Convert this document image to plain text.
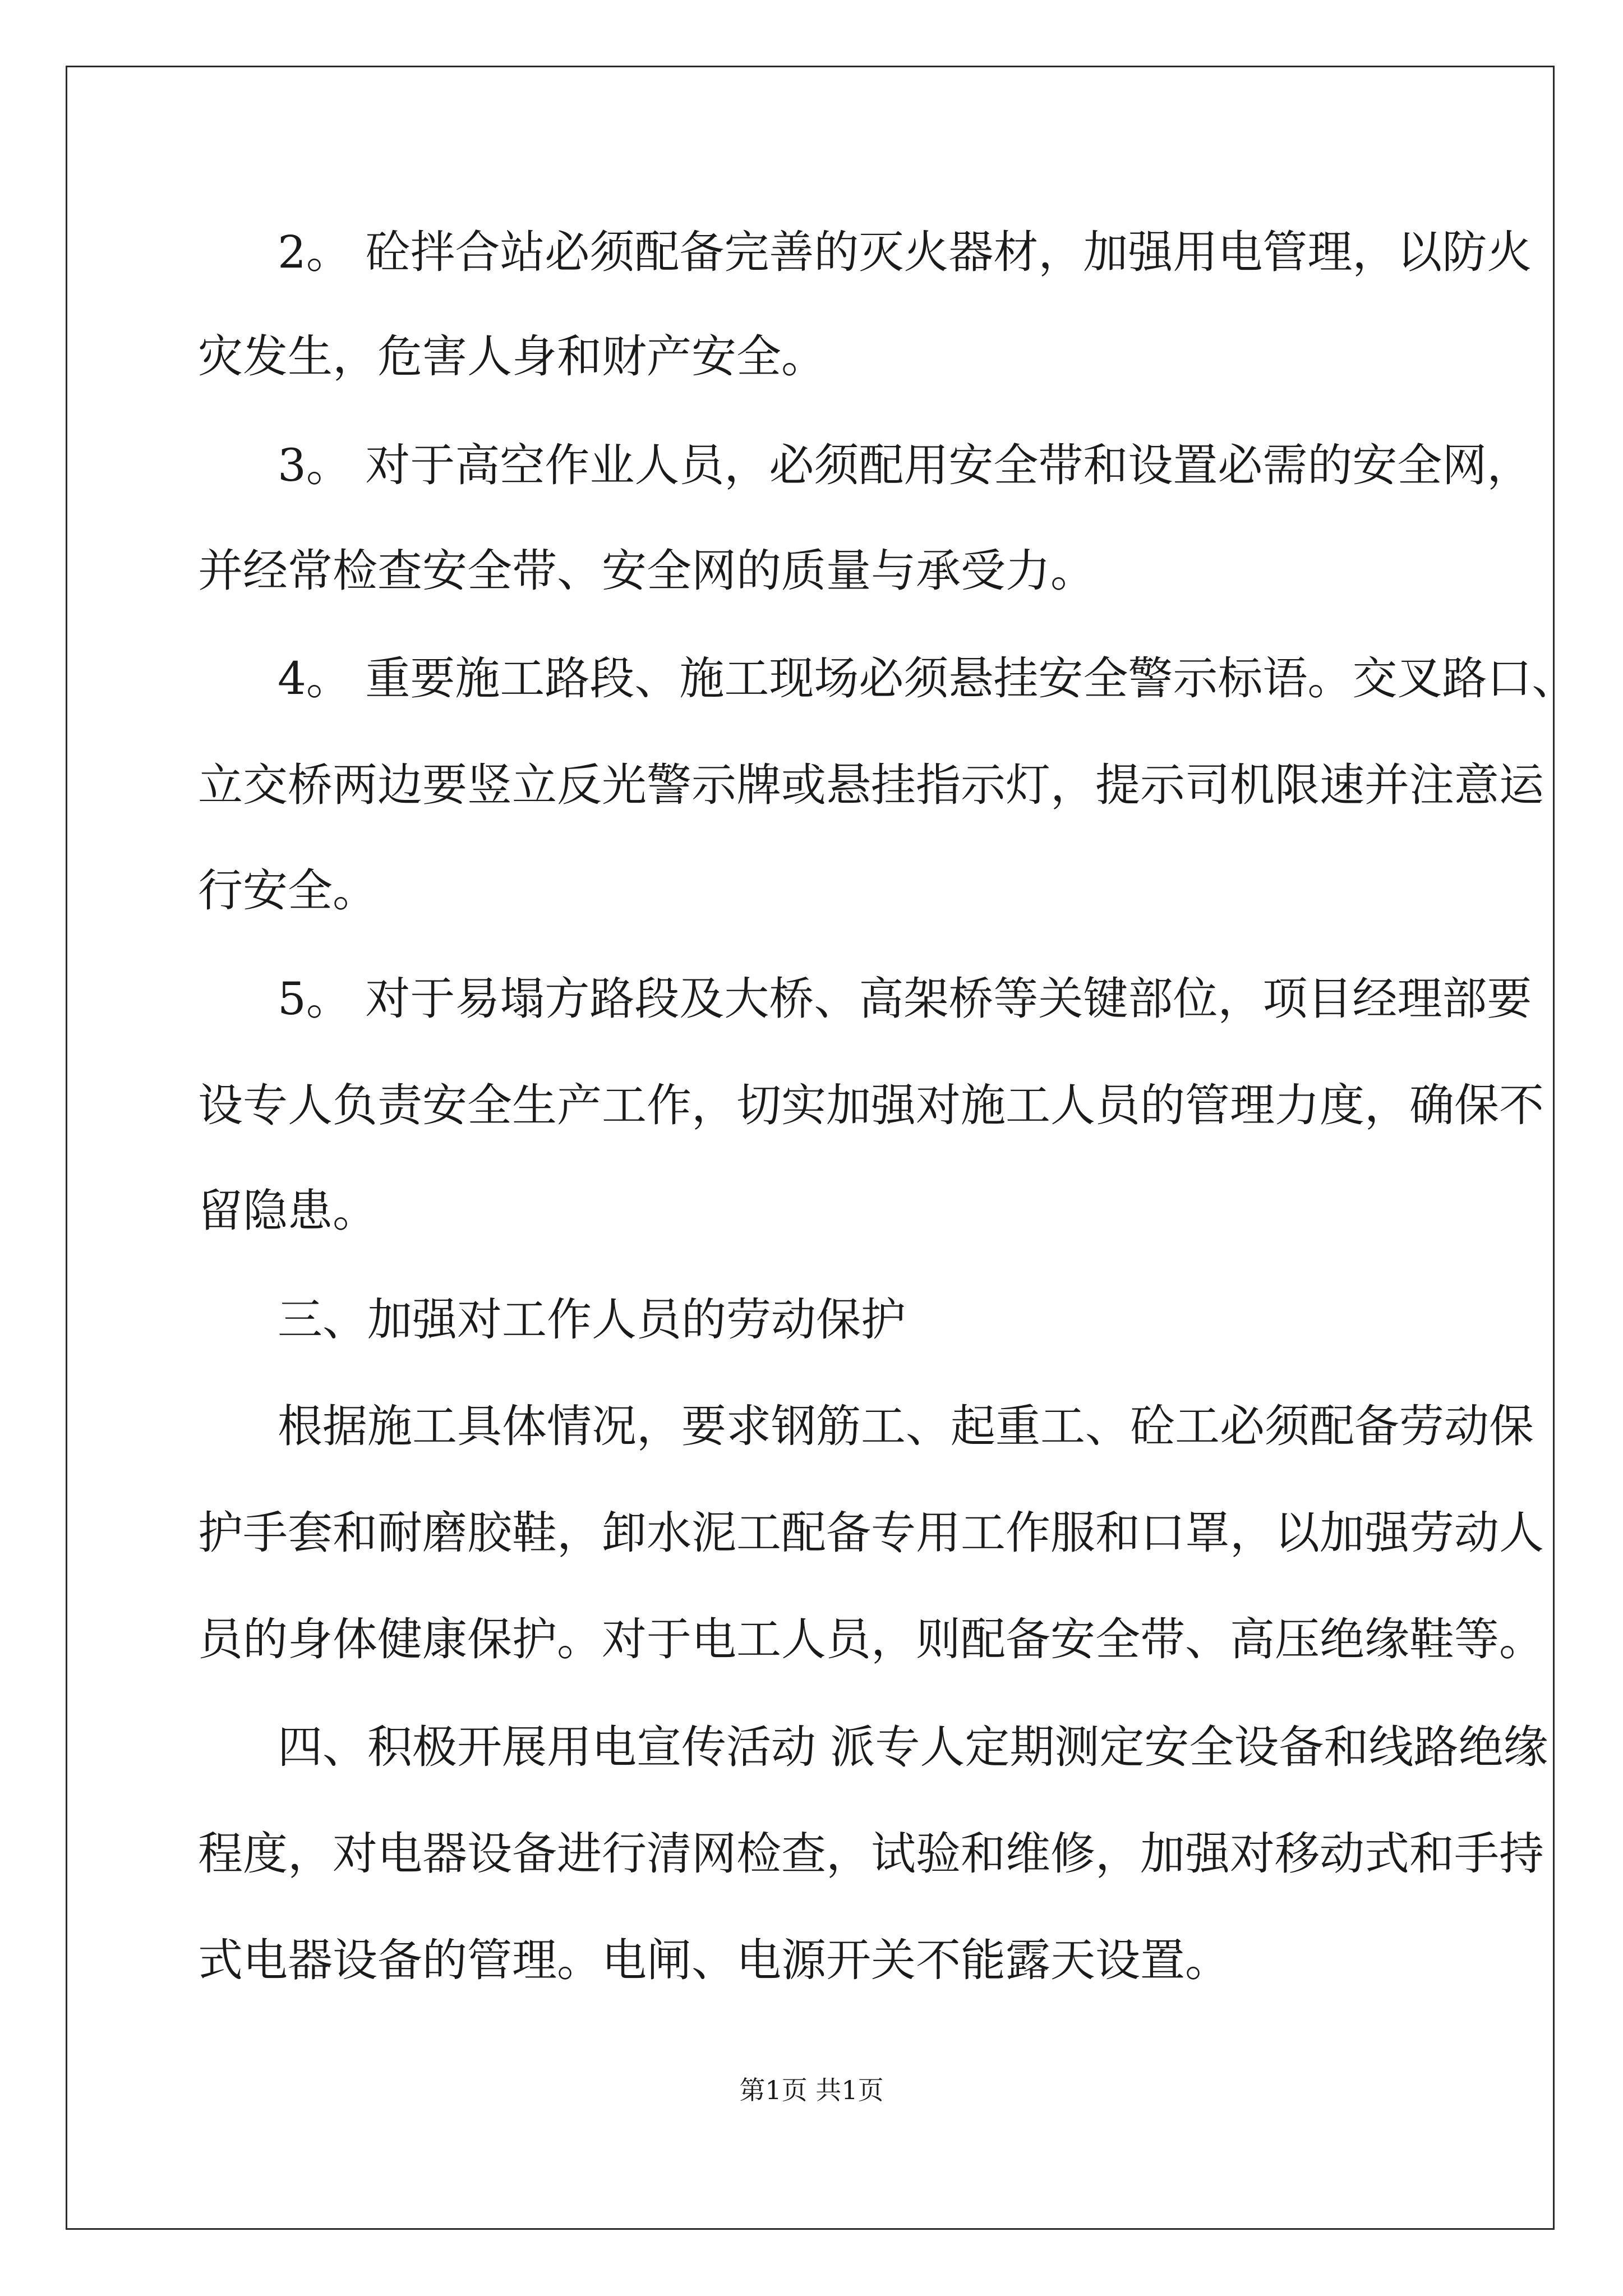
2。 砼拌合站必须配备完善的灭火器材，加强用电管理，以防火
灾发生，危害人身和财产安全。
3。 对于高空作业人员，必须配用安全带和设置必需的安全网，
并经常检查安全带、安全网的质量与承受力。
4。 重要施工路段、施工现场必须悬挂安全警示标语。交叉路口、
立交桥两边要竖立反光警示牌或悬挂指示灯，提示司机限速并注意运
行安全。
5。 对于易塌方路段及大桥、高架桥等关键部位，项目经理部要
设专人负责安全生产工作，切实加强对施工人员的管理力度，确保不
留隐患。
三、加强对工作人员的劳动保护
根据施工具体情况，要求钢筋工、起重工、砼工必须配备劳动保
护手套和耐磨胶鞋，卸水泥工配备专用工作服和口罩，以加强劳动人
员的身体健康保护。对于电工人员，则配备安全带、高压绝缘鞋等。
四、积极开展用电宣传活动 派专人定期测定安全设备和线路绝缘
程度，对电器设备进行清网检查，试验和维修，加强对移动式和手持
式电器设备的管理。电闸、电源开关不能露天设置。
第1页 共1页
